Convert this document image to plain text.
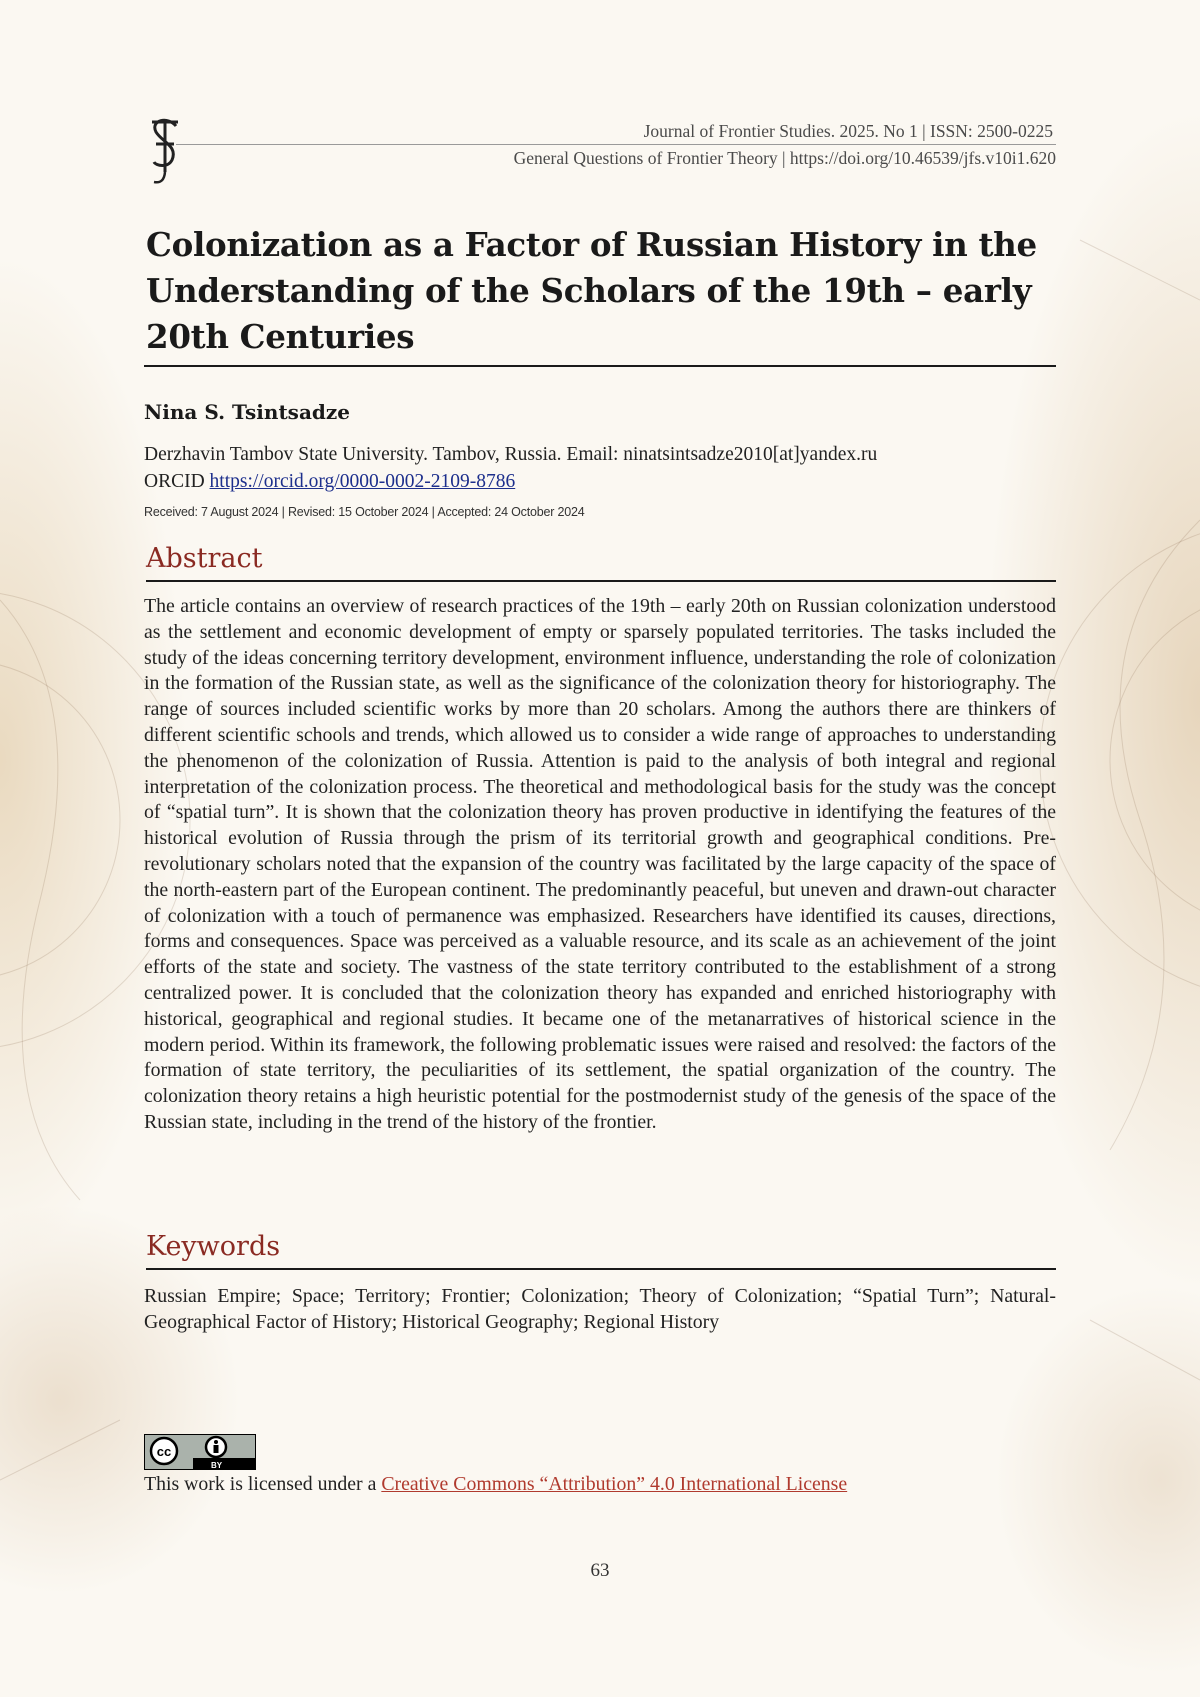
Journal of Frontier Studies. 2025. No 1 | ISSN: 2500-0225
General Questions of Frontier Theory | https://doi.org/10.46539/jfs.v10i1.620
Colonization as a Factor of Russian History in the Understanding of the Scholars of the 19th – early 20th Centuries
Nina S. Tsintsadze
Derzhavin Tambov State University. Tambov, Russia. Email: ninatsintsadze2010[at]yandex.ru
ORCID https://orcid.org/0000-0002-2109-8786
Received: 7 August 2024 | Revised: 15 October 2024 | Accepted: 24 October 2024
Abstract

The article contains an overview of research practices of the 19th – early 20th on Russian colonization understood as the settlement and economic development of empty or sparsely populated territories. The tasks included the study of the ideas concerning territory development, environment influence, understanding the role of colonization in the formation of the Russian state, as well as the significance of the colonization theory for historiography. The range of sources included scientific works by more than 20 scholars. Among the authors there are thinkers of different scientific schools and trends, which allowed us to consider a wide range of approaches to understanding the phenomenon of the colonization of Russia. Attention is paid to the analysis of both integral and regional interpretation of the colonization process. The theoretical and methodological basis for the study was the concept of “spatial turn”. It is shown that the colonization theory has proven productive in identifying the features of the historical evolution of Russia through the prism of its territorial growth and geographical conditions. Pre-revolutionary scholars noted that the expansion of the country was facilitated by the large capacity of the space of the north-eastern part of the European continent. The predominantly peaceful, but uneven and drawn-out character of colonization with a touch of permanence was emphasized. Researchers have identified its causes, directions, forms and consequences. Space was perceived as a valuable resource, and its scale as an achievement of the joint efforts of the state and society. The vastness of the state territory contributed to the establishment of a strong centralized power. It is concluded that the colonization theory has expanded and enriched historiography with historical, geographical and regional studies. It became one of the metanarratives of historical science in the modern period. Within its framework, the following problematic issues were raised and resolved: the factors of the formation of state territory, the peculiarities of its settlement, the spatial organization of the country. The colonization theory retains a high heuristic potential for the postmodernist study of the genesis of the space of the Russian state, including in the trend of the history of the frontier.

Keywords

Russian Empire; Space; Territory; Frontier; Colonization; Theory of Colonization; “Spatial Turn”; Natural-Geographical Factor of History; Historical Geography; Regional History

cc
BY
This work is licensed under a Creative Commons “Attribution” 4.0 International License
63
